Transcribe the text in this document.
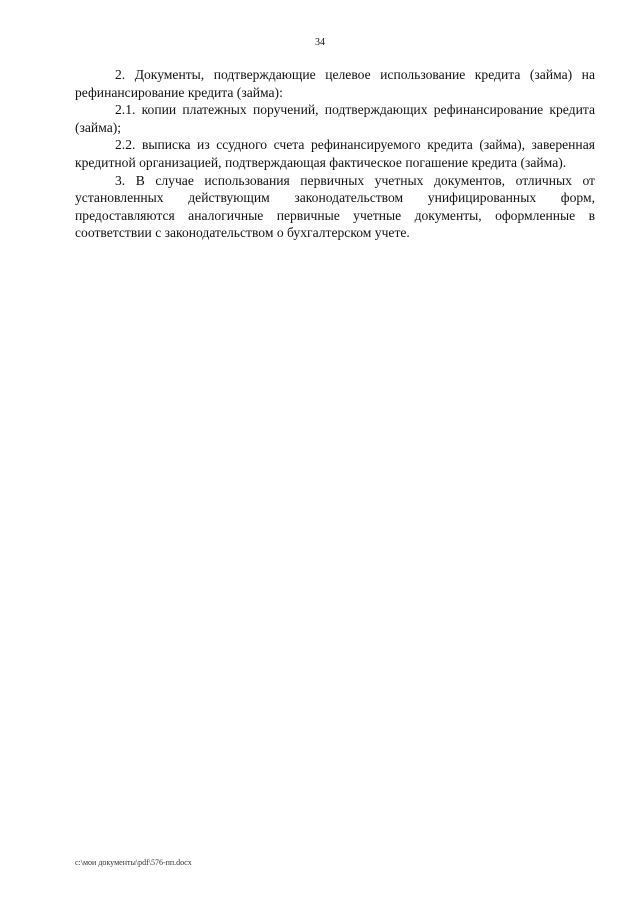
34

2. Документы, подтверждающие целевое использование кредита (займа) на рефинансирование кредита (займа):

2.1. копии платежных поручений, подтверждающих рефинансирование кредита (займа);

2.2. выписка из ссудного счета рефинансируемого кредита (займа), заверенная кредитной организацией, подтверждающая фактическое погашение кредита (займа).

3. В случае использования первичных учетных документов, отличных от установленных действующим законодательством унифицированных форм, предоставляются аналогичные первичные учетные документы, оформленные в соответствии с законодательством о бухгалтерском учете.

c:\мои документы\pdf\576-пп.docx
